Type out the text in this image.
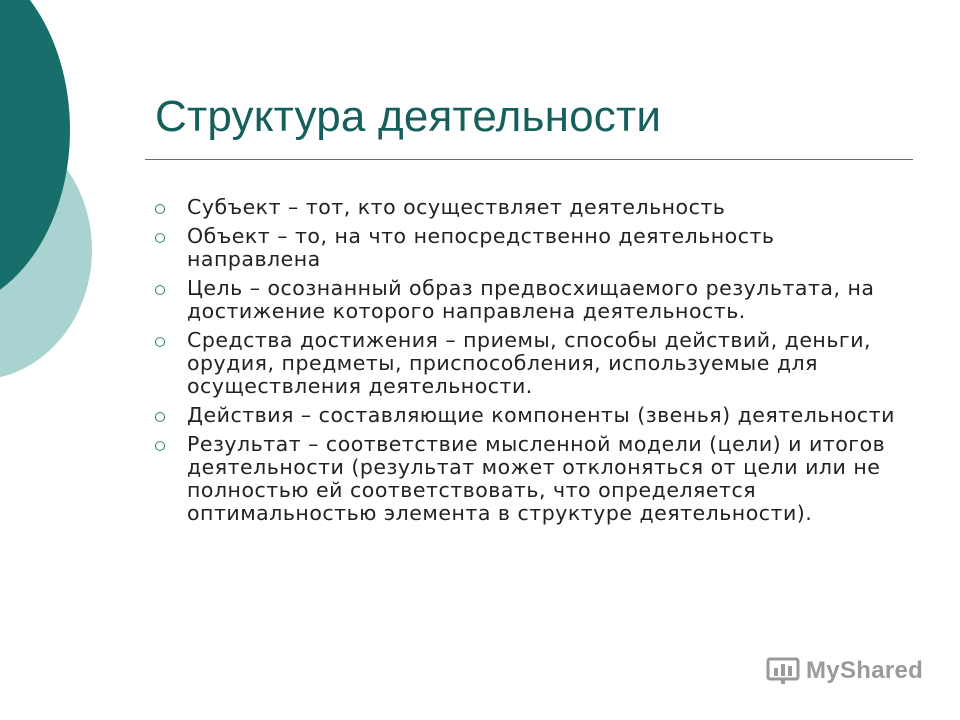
Структура деятельности
Субъект – тот, кто осуществляет деятельность
Объект – то, на что непосредственно деятельность направлена
Цель – осознанный образ предвосхищаемого результата, на достижение которого направлена деятельность.
Средства достижения – приемы, способы действий, деньги, орудия, предметы, приспособления, используемые для осуществления деятельности.
Действия – составляющие компоненты (звенья) деятельности
Результат – соответствие мысленной модели (цели) и итогов деятельности (результат может отклоняться от цели или не полностью ей соответствовать, что определяется оптимальностью элемента в структуре деятельности).
MyShared
